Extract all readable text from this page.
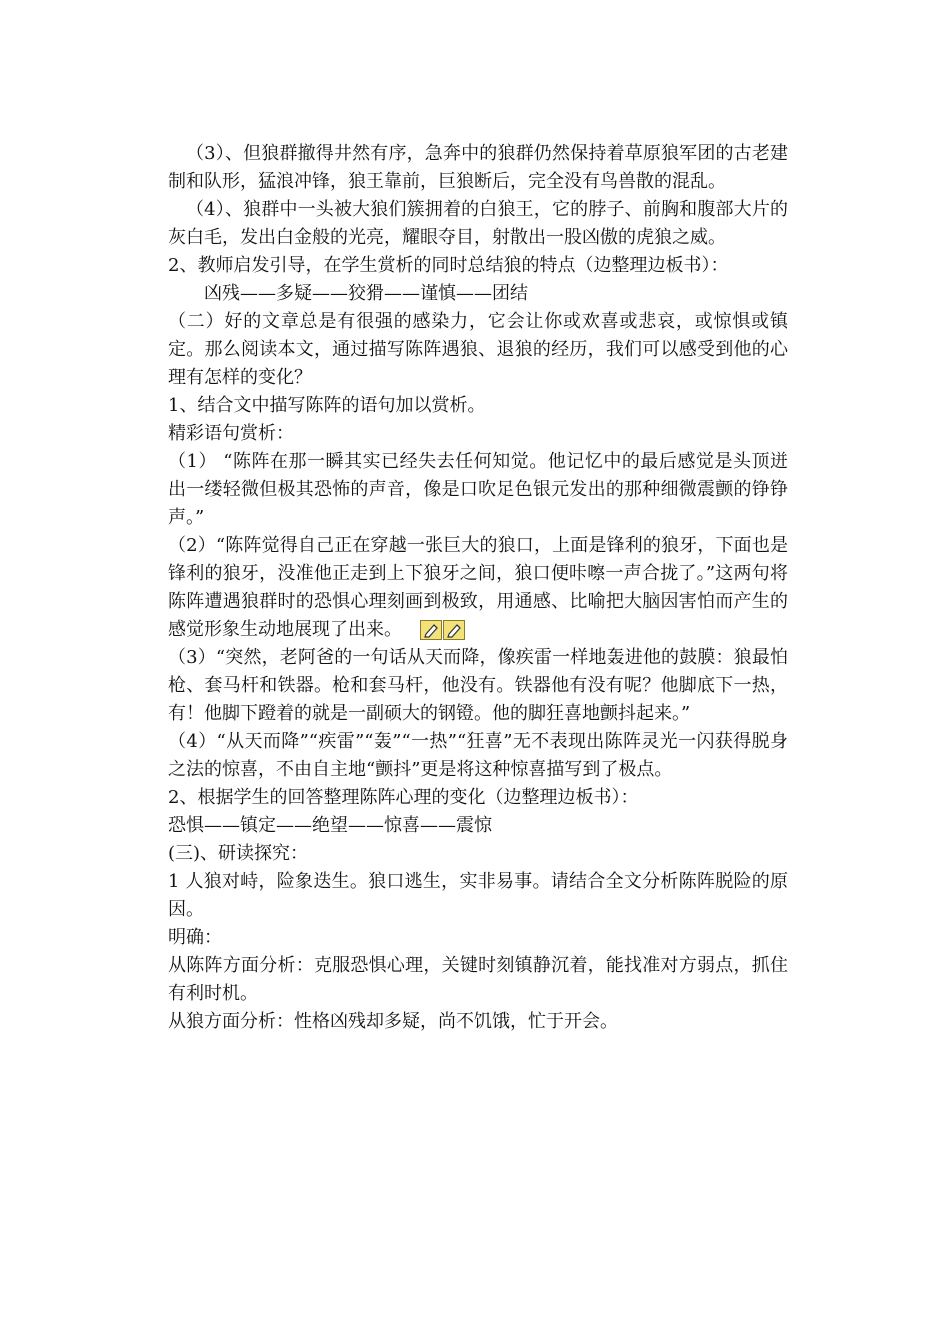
（3）、但狼群撤得井然有序，急奔中的狼群仍然保持着草原狼军团的古老建制和队形，猛浪冲锋，狼王靠前，巨狼断后，完全没有鸟兽散的混乱。

（4）、狼群中一头被大狼们簇拥着的白狼王，它的脖子、前胸和腹部大片的灰白毛，发出白金般的光亮，耀眼夺目，射散出一股凶傲的虎狼之威。

2、教师启发引导，在学生赏析的同时总结狼的特点（边整理边板书）：

凶残——多疑——狡猾——谨慎——团结

（二）好的文章总是有很强的感染力，它会让你或欢喜或悲哀，或惊惧或镇定。那么阅读本文，通过描写陈阵遇狼、退狼的经历，我们可以感受到他的心理有怎样的变化？

1、结合文中描写陈阵的语句加以赏析。

精彩语句赏析：

（1） “陈阵在那一瞬其实已经失去任何知觉。他记忆中的最后感觉是头顶迸出一缕轻微但极其恐怖的声音，像是口吹足色银元发出的那种细微震颤的铮铮声。”

（2）“陈阵觉得自己正在穿越一张巨大的狼口，上面是锋利的狼牙，下面也是锋利的狼牙，没准他正走到上下狼牙之间，狼口便咔嚓一声合拢了。”这两句将陈阵遭遇狼群时的恐惧心理刻画到极致，用通感、比喻把大脑因害怕而产生的感觉形象生动地展现了出来。

（3）“突然，老阿爸的一句话从天而降，像疾雷一样地轰进他的鼓膜：狼最怕枪、套马杆和铁器。枪和套马杆，他没有。铁器他有没有呢？他脚底下一热，有！他脚下蹬着的就是一副硕大的钢镫。他的脚狂喜地颤抖起来。”

（4）“从天而降”“疾雷”“轰”“一热”“狂喜”无不表现出陈阵灵光一闪获得脱身之法的惊喜，不由自主地“颤抖”更是将这种惊喜描写到了极点。

2、根据学生的回答整理陈阵心理的变化（边整理边板书）：

恐惧——镇定——绝望——惊喜——震惊

(三)、研读探究：

1 人狼对峙，险象迭生。狼口逃生，实非易事。请结合全文分析陈阵脱险的原因。

明确：

从陈阵方面分析：克服恐惧心理，关键时刻镇静沉着，能找准对方弱点，抓住有利时机。

从狼方面分析：性格凶残却多疑，尚不饥饿，忙于开会。
